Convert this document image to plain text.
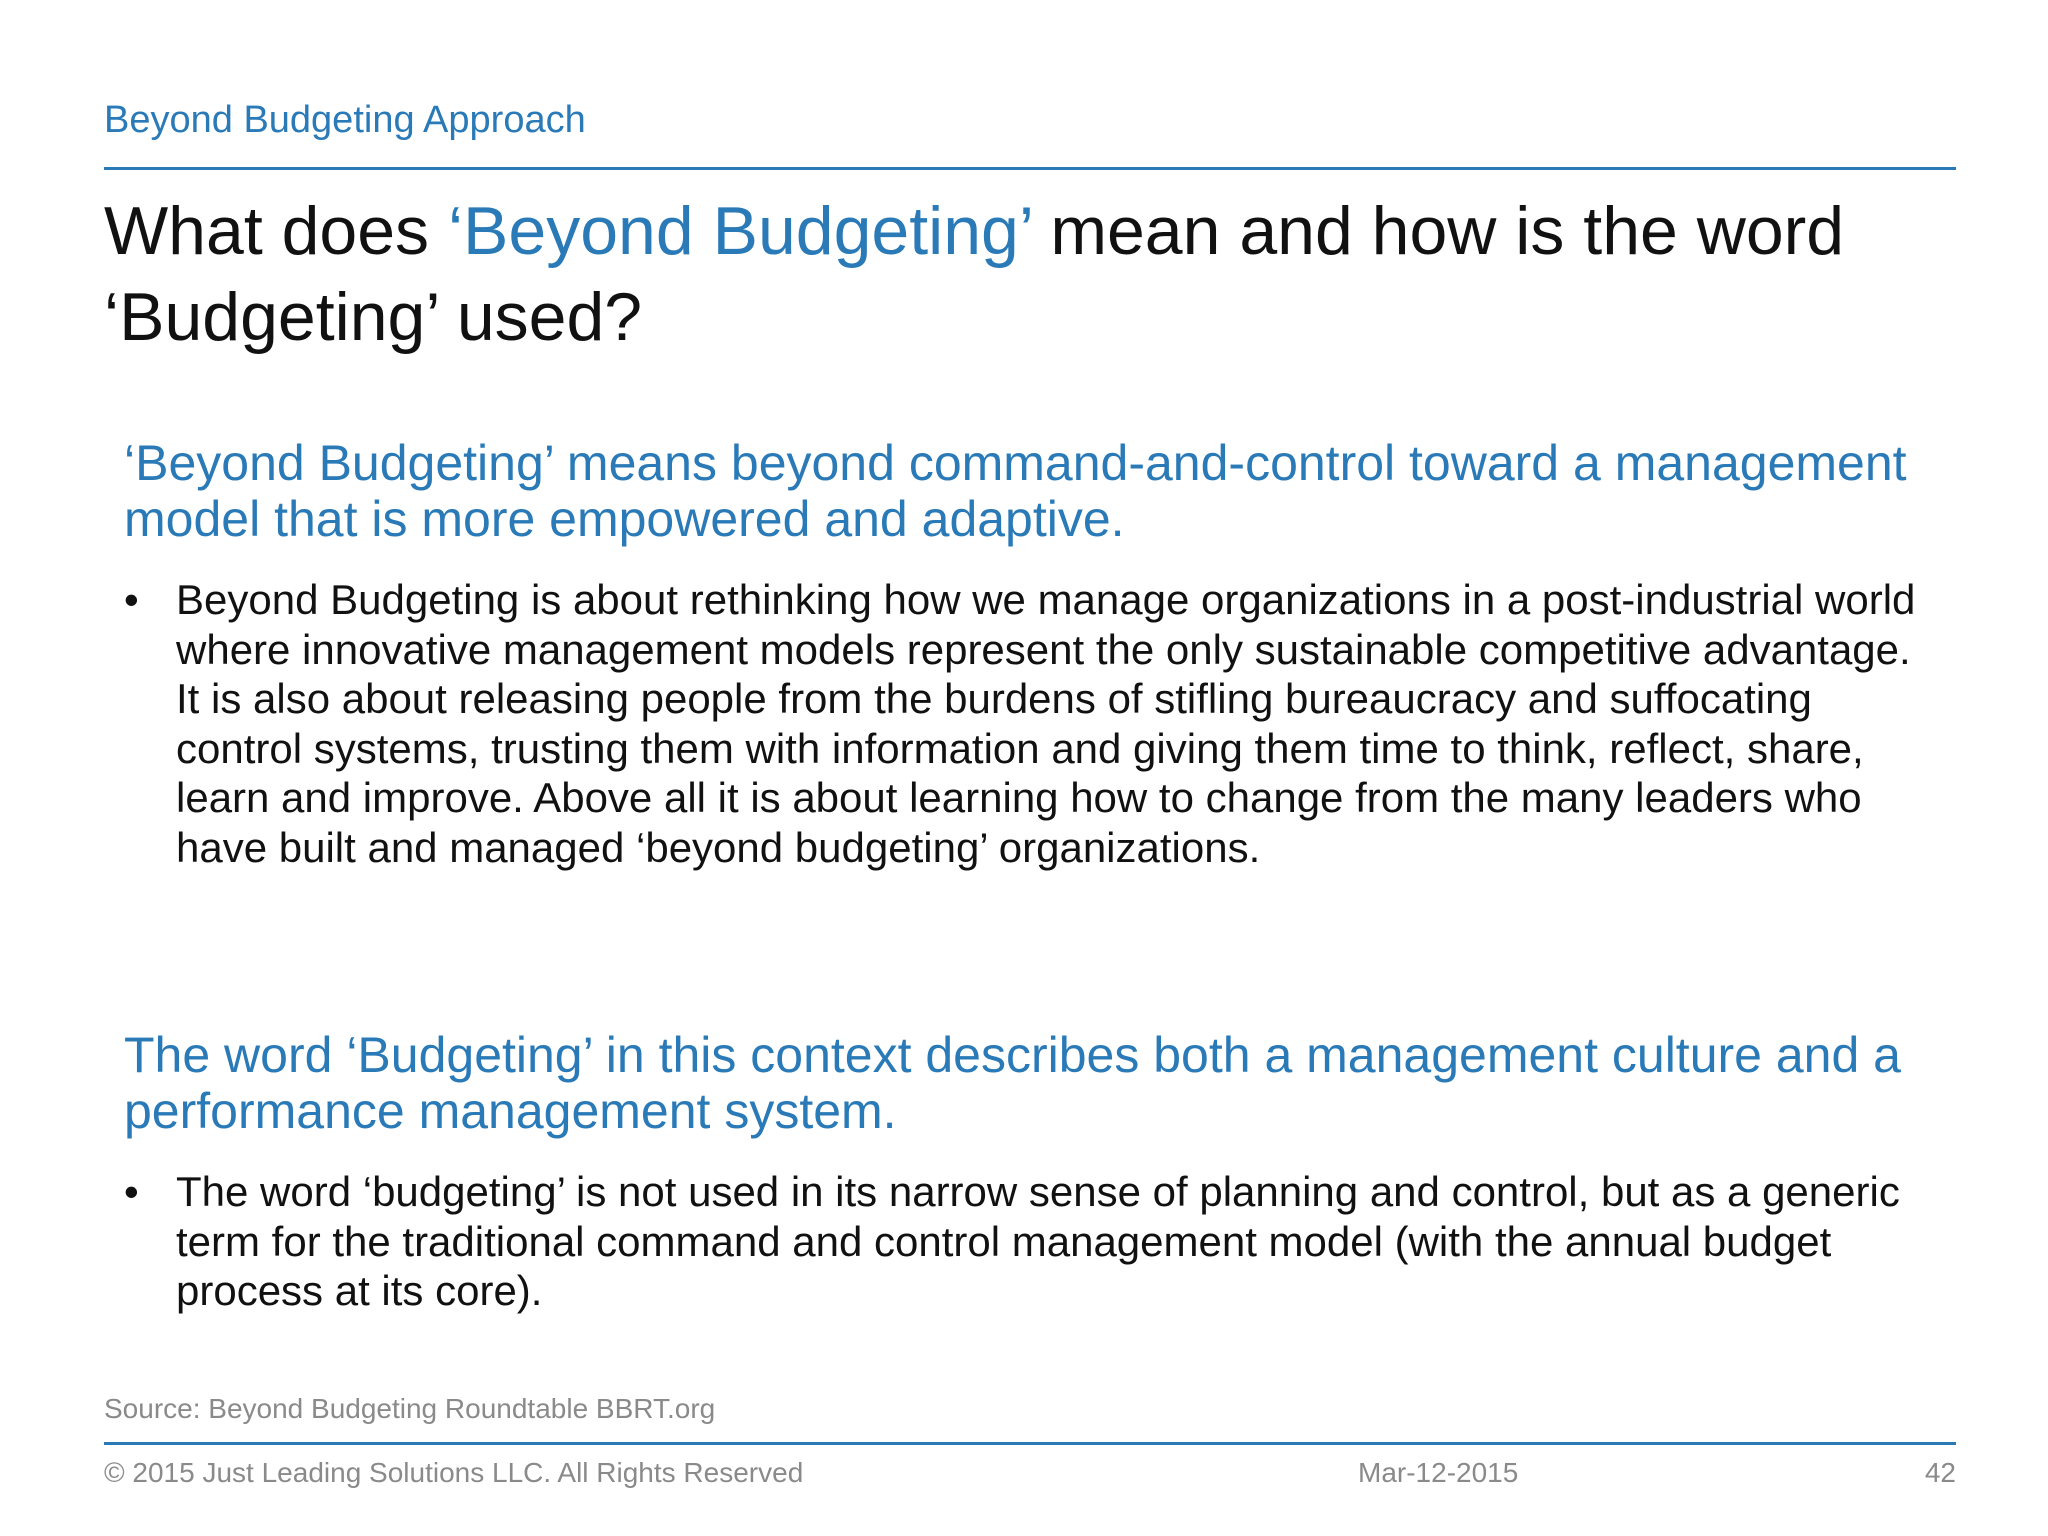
Beyond Budgeting Approach
What does ‘Beyond Budgeting’ mean and how is the word ‘Budgeting’ used?
‘Beyond Budgeting’ means beyond command-and-control toward a management model that is more empowered and adaptive.
• Beyond Budgeting is about rethinking how we manage organizations in a post-industrial world where innovative management models represent the only sustainable competitive advantage. It is also about releasing people from the burdens of stifling bureaucracy and suffocating control systems, trusting them with information and giving them time to think, reflect, share, learn and improve. Above all it is about learning how to change from the many leaders who have built and managed ‘beyond budgeting’ organizations.
The word ‘Budgeting’ in this context describes both a management culture and a performance management system.
• The word ‘budgeting’ is not used in its narrow sense of planning and control, but as a generic term for the traditional command and control management model (with the annual budget process at its core).
Source: Beyond Budgeting Roundtable BBRT.org
© 2015 Just Leading Solutions LLC. All Rights Reserved	Mar-12-2015	42
